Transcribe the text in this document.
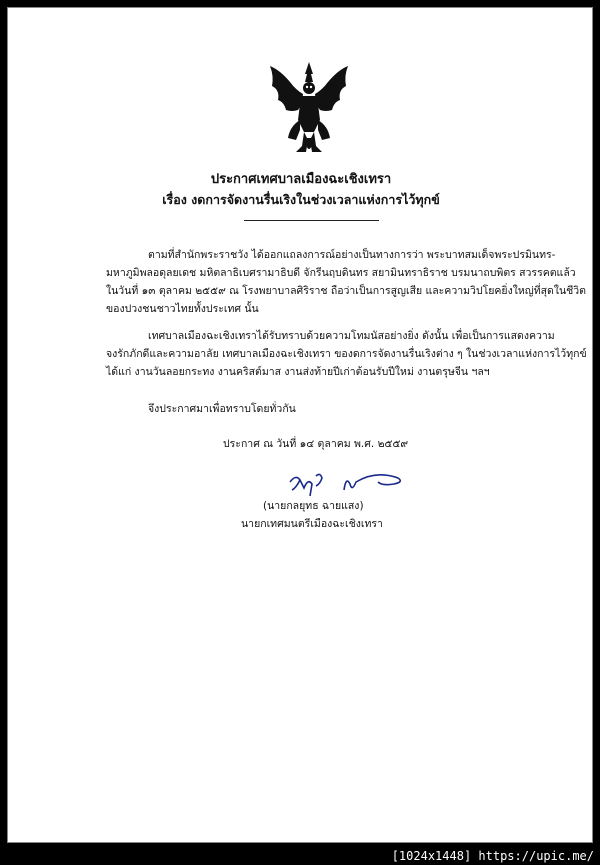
ประกาศเทศบาลเมืองฉะเชิงเทรา
เรื่อง งดการจัดงานรื่นเริงในช่วงเวลาแห่งการไว้ทุกข์
ตามที่สำนักพระราชวัง ได้ออกแถลงการณ์อย่างเป็นทางการว่า พระบาทสมเด็จพระปรมินทร-
มหาภูมิพลอดุลยเดช มหิตลาธิเบศรามาธิบดี จักรีนฤบดินทร สยามินทราธิราช บรมนาถบพิตร สวรรคตแล้ว
ในวันที่ ๑๓ ตุลาคม ๒๕๕๙ ณ โรงพยาบาลศิริราช ถือว่าเป็นการสูญเสีย และความวิปโยคยิ่งใหญ่ที่สุดในชีวิต
ของปวงชนชาวไทยทั้งประเทศ นั้น
เทศบาลเมืองฉะเชิงเทราได้รับทราบด้วยความโทมนัสอย่างยิ่ง ดังนั้น เพื่อเป็นการแสดงความ
จงรักภักดีและความอาลัย เทศบาลเมืองฉะเชิงเทรา ของดการจัดงานรื่นเริงต่าง ๆ ในช่วงเวลาแห่งการไว้ทุกข์
ได้แก่ งานวันลอยกระทง งานคริสต์มาส งานส่งท้ายปีเก่าต้อนรับปีใหม่ งานตรุษจีน ฯลฯ
จึงประกาศมาเพื่อทราบโดยทั่วกัน
ประกาศ ณ วันที่ ๑๔ ตุลาคม พ.ศ. ๒๕๕๙
(นายกลยุทธ ฉายแสง)
นายกเทศมนตรีเมืองฉะเชิงเทรา
[1024x1448] https://upic.me/
